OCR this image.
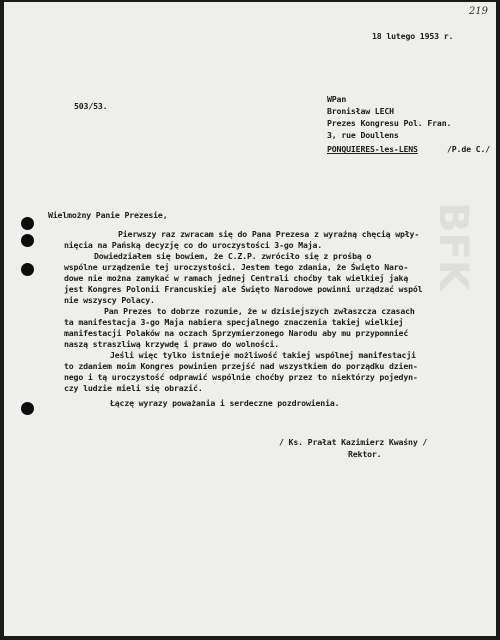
219
BFK
18 lutego 1953 r.
503/53.
WPan
Bronisław LECH
Prezes Kongresu Pol. Fran.
3, rue Doullens
PONQUIERES-les-LENS	/P.de C./
Wielmożny Panie Prezesie,
Pierwszy raz zwracam się do Pana Prezesa z wyraźną chęcią wpły-
nięcia na Pańską decyzję co do uroczystości 3-go Maja.
Dowiedziałem się bowiem, że C.Z.P. zwróciło się z prośbą o
wspólne urządzenie tej uroczystości. Jestem tego zdania, że Święto Naro-
dowe nie można zamykać w ramach jednej Centrali choćby tak wielkiej jaką
jest Kongres Polonii Francuskiej ale Święto Narodowe powinni urządzać wspól
nie wszyscy Polacy.
Pan Prezes to dobrze rozumie, że w dzisiejszych zwłaszcza czasach
ta manifestacja 3-go Maja nabiera specjalnego znaczenia takiej wielkiej
manifestacji Polaków na oczach Sprzymierzonego Narodu aby mu przypomnieć
naszą straszliwą krzywdę i prawo do wolności.
Jeśli więc tylko istnieje możliwość takiej wspólnej manifestacji
to zdaniem moim Kongres powinien przejść nad wszystkiem do porządku dzien-
nego i tą uroczystość odprawić wspólnie choćby przez to niektórzy pojedyn-
czy ludzie mieli się obrazić.
Łączę wyrazy poważania i serdeczne pozdrowienia.
/ Ks. Prałat Kazimierz Kwaśny /
Rektor.
